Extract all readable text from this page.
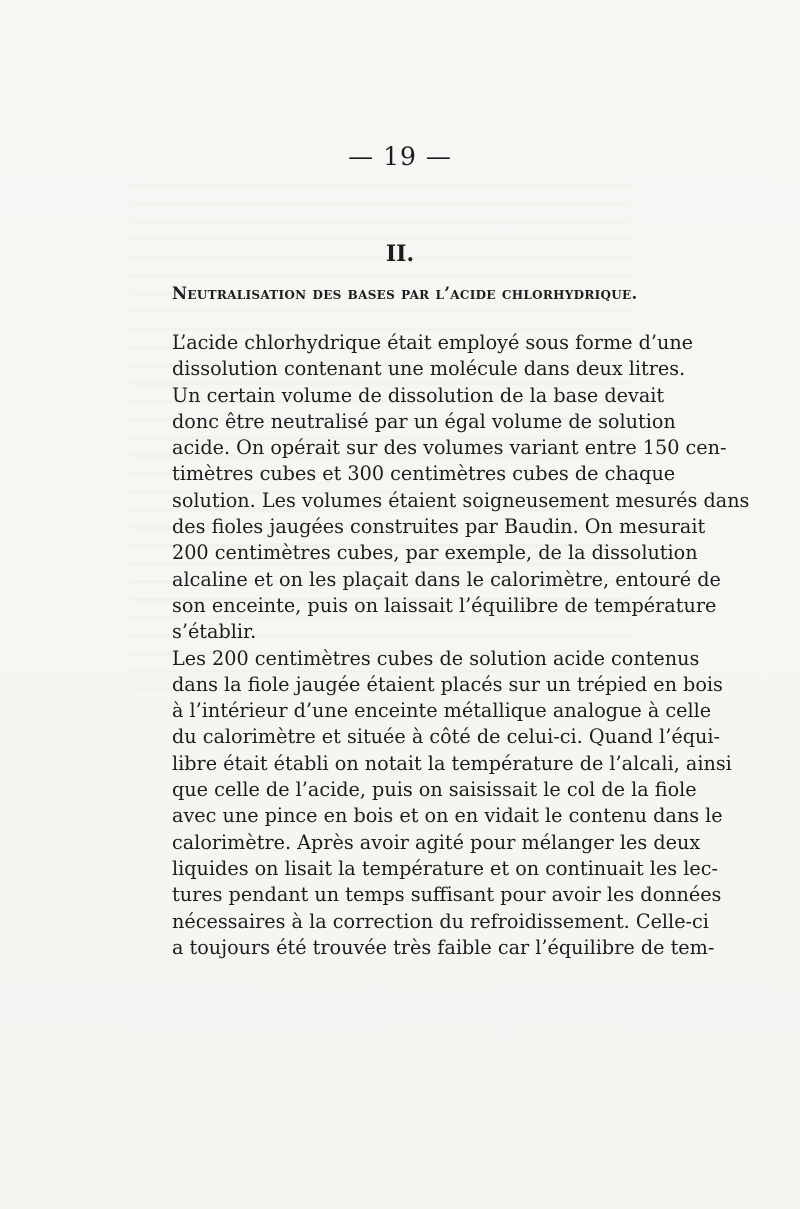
— 19 —
II.
Neutralisation des bases par l’acide chlorhydrique.
L’acide chlorhydrique était employé sous forme d’une
dissolution contenant une molécule dans deux litres.
Un certain volume de dissolution de la base devait
donc être neutralisé par un égal volume de solution
acide. On opérait sur des volumes variant entre 150 cen-
timètres cubes et 300 centimètres cubes de chaque
solution. Les volumes étaient soigneusement mesurés dans
des fioles jaugées construites par Baudin. On mesurait
200 centimètres cubes, par exemple, de la dissolution
alcaline et on les plaçait dans le calorimètre, entouré de
son enceinte, puis on laissait l’équilibre de température
s’établir.
Les 200 centimètres cubes de solution acide contenus
dans la fiole jaugée étaient placés sur un trépied en bois
à l’intérieur d’une enceinte métallique analogue à celle
du calorimètre et située à côté de celui-ci. Quand l’équi-
libre était établi on notait la température de l’alcali, ainsi
que celle de l’acide, puis on saisissait le col de la fiole
avec une pince en bois et on en vidait le contenu dans le
calorimètre. Après avoir agité pour mélanger les deux
liquides on lisait la température et on continuait les lec-
tures pendant un temps suffisant pour avoir les données
nécessaires à la correction du refroidissement. Celle-ci
a toujours été trouvée très faible car l’équilibre de tem-
